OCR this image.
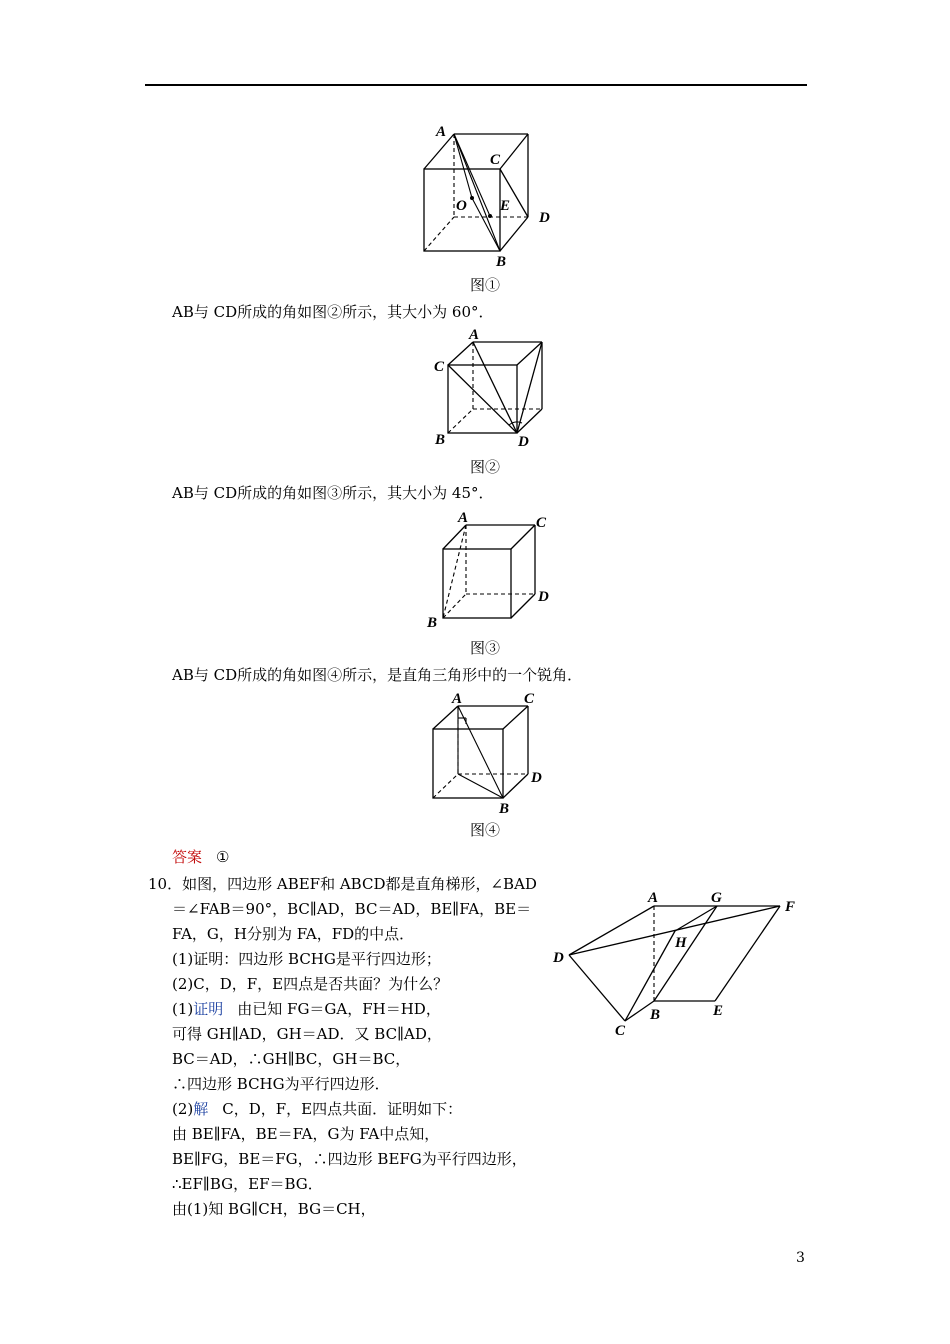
A
C
O E
D
B
图①
AB与 CD所成的角如图②所示，其大小为 60°．
A
C
B	D
图②
AB与 CD所成的角如图③所示，其大小为 45°．
A	C
D
B
图③
AB与 CD所成的角如图④所示，是直角三角形中的一个锐角．
A	C
D
B
图④
答案 ①
10．如图，四边形 ABEF和 ABCD都是直角梯形，∠BAD
＝∠FAB＝90°，BC∥AD，BC＝AD，BE∥FA，BE＝
FA，G，H分别为 FA，FD的中点．
(1)证明：四边形 BCHG是平行四边形；
(2)C，D，F，E四点是否共面？为什么？
(1)证明 由已知 FG＝GA，FH＝HD，
可得 GH∥AD，GH＝AD．又 BC∥AD，
BC＝AD，∴GH∥BC，GH＝BC，
∴四边形 BCHG为平行四边形．
(2)解 C，D，F，E四点共面．证明如下：
由 BE∥FA，BE＝FA，G为 FA中点知，
BE∥FG，BE＝FG，∴四边形 BEFG为平行四边形，
∴EF∥BG，EF＝BG．
由(1)知 BG∥CH，BG＝CH，
A	G
F
H
D
C
B	E
3
